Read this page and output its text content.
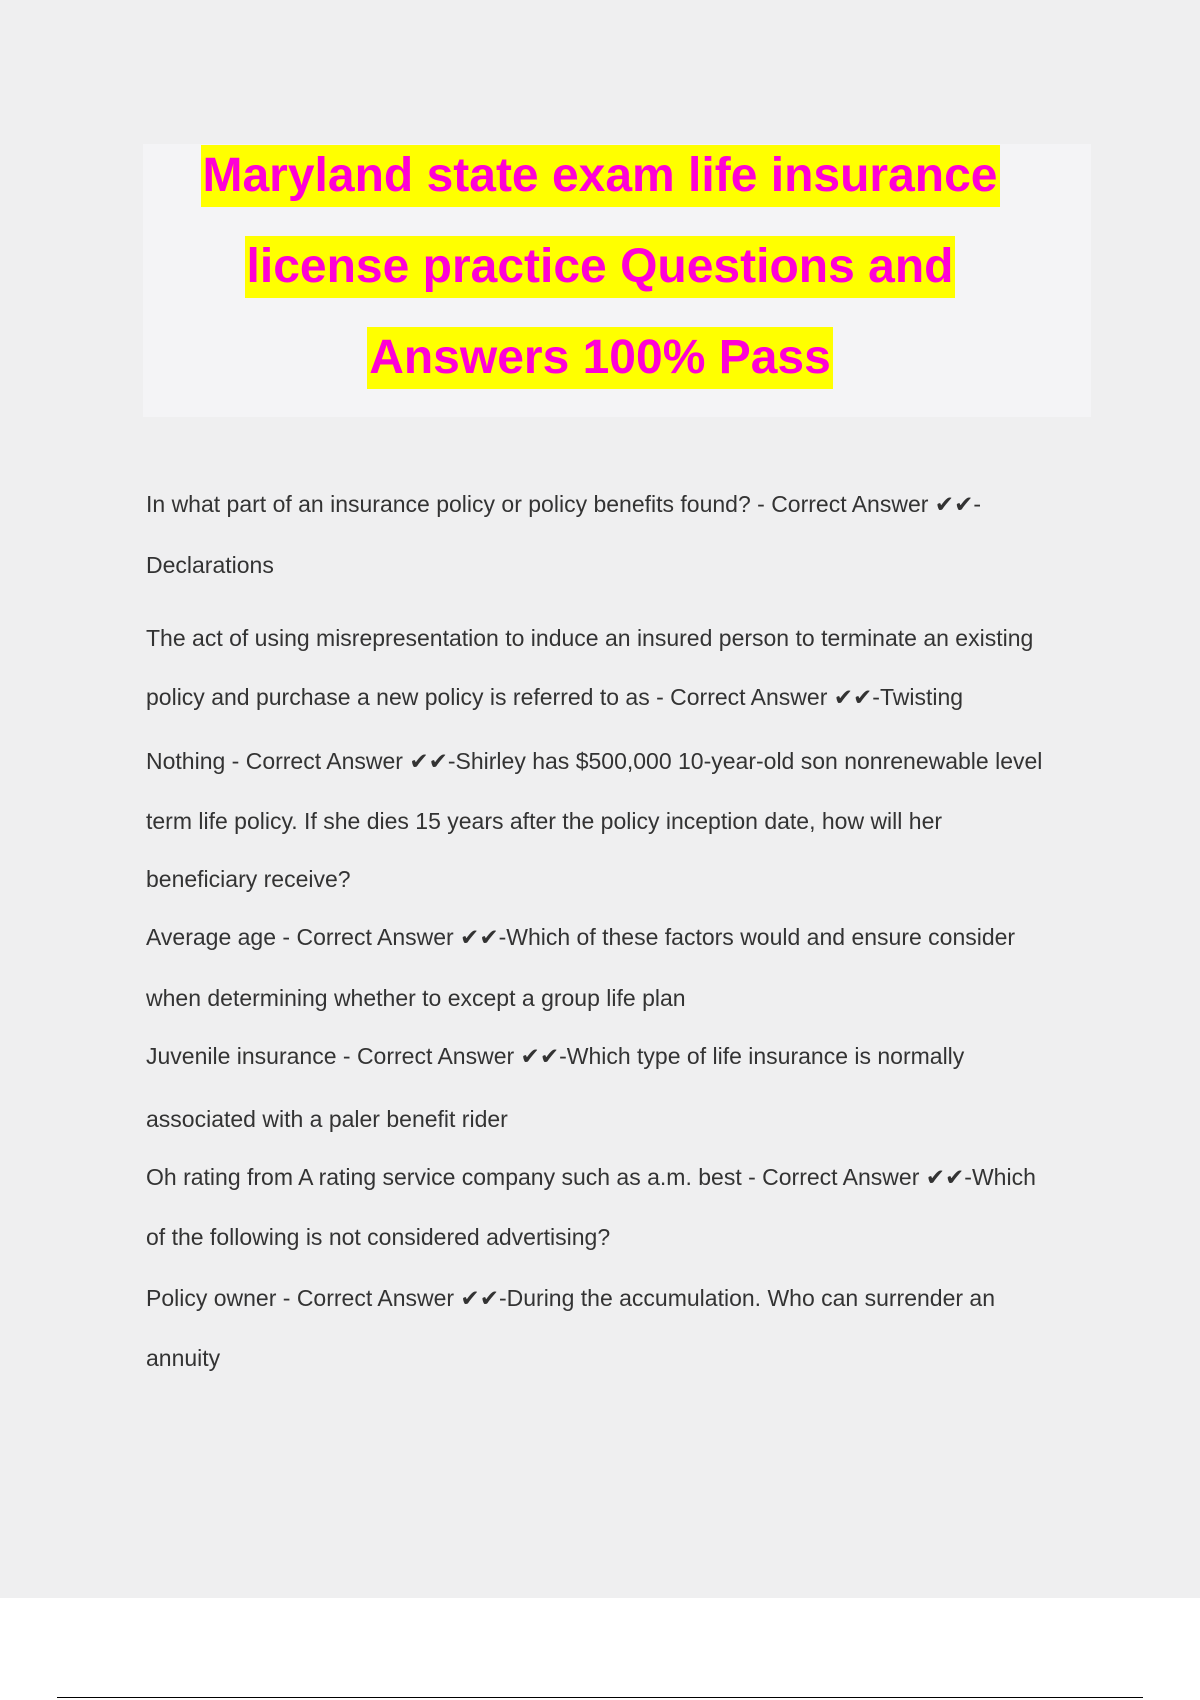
Maryland state exam life insurance
license practice Questions and
Answers 100% Pass
In what part of an insurance policy or policy benefits found? - Correct Answer ✔✔-
Declarations
The act of using misrepresentation to induce an insured person to terminate an existing
policy and purchase a new policy is referred to as - Correct Answer ✔✔-Twisting
Nothing - Correct Answer ✔✔-Shirley has $500,000 10-year-old son nonrenewable level
term life policy. If she dies 15 years after the policy inception date, how will her
beneficiary receive?
Average age - Correct Answer ✔✔-Which of these factors would and ensure consider
when determining whether to except a group life plan
Juvenile insurance - Correct Answer ✔✔-Which type of life insurance is normally
associated with a paler benefit rider
Oh rating from A rating service company such as a.m. best - Correct Answer ✔✔-Which
of the following is not considered advertising?
Policy owner - Correct Answer ✔✔-During the accumulation. Who can surrender an
annuity
